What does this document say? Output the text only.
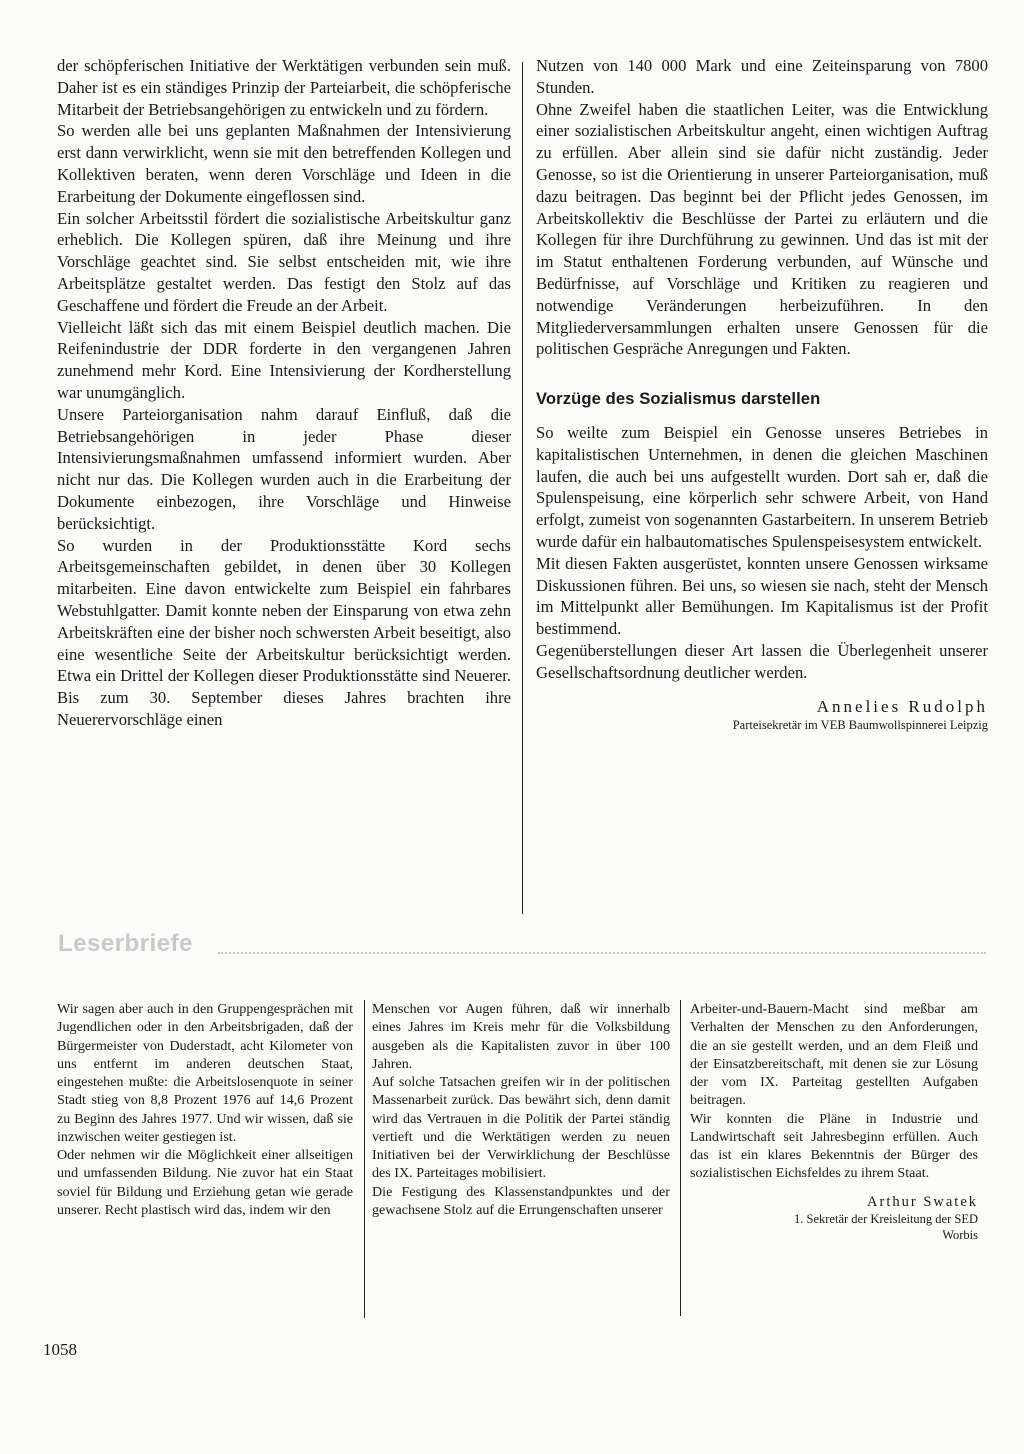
der schöpferischen Initiative der Werktätigen verbunden sein muß. Daher ist es ein ständiges Prinzip der Parteiarbeit, die schöpferische Mitarbeit der Betriebsangehörigen zu entwickeln und zu fördern.

So werden alle bei uns geplanten Maßnahmen der Intensivierung erst dann verwirklicht, wenn sie mit den betreffenden Kollegen und Kollektiven beraten, wenn deren Vorschläge und Ideen in die Erarbeitung der Dokumente eingeflossen sind.

Ein solcher Arbeitsstil fördert die sozialistische Arbeitskultur ganz erheblich. Die Kollegen spüren, daß ihre Meinung und ihre Vorschläge geachtet sind. Sie selbst entscheiden mit, wie ihre Arbeitsplätze gestaltet werden. Das festigt den Stolz auf das Geschaffene und fördert die Freude an der Arbeit.

Vielleicht läßt sich das mit einem Beispiel deutlich machen. Die Reifenindustrie der DDR forderte in den vergangenen Jahren zunehmend mehr Kord. Eine Intensivierung der Kordherstellung war unumgänglich.

Unsere Parteiorganisation nahm darauf Einfluß, daß die Betriebsangehörigen in jeder Phase dieser Intensivierungsmaßnahmen umfassend informiert wurden. Aber nicht nur das. Die Kollegen wurden auch in die Erarbeitung der Dokumente einbezogen, ihre Vorschläge und Hinweise berücksichtigt.

So wurden in der Produktionsstätte Kord sechs Arbeitsgemeinschaften gebildet, in denen über 30 Kollegen mitarbeiten. Eine davon entwickelte zum Beispiel ein fahrbares Webstuhlgatter. Damit konnte neben der Einsparung von etwa zehn Arbeitskräften eine der bisher noch schwersten Arbeit beseitigt, also eine wesentliche Seite der Arbeitskultur berücksichtigt werden. Etwa ein Drittel der Kollegen dieser Produktionsstätte sind Neuerer. Bis zum 30. September dieses Jahres brachten ihre Neuerervorschläge einen

Nutzen von 140 000 Mark und eine Zeiteinsparung von 7800 Stunden.

Ohne Zweifel haben die staatlichen Leiter, was die Entwicklung einer sozialistischen Arbeitskultur angeht, einen wichtigen Auftrag zu erfüllen. Aber allein sind sie dafür nicht zuständig. Jeder Genosse, so ist die Orientierung in unserer Parteiorganisation, muß dazu beitragen. Das beginnt bei der Pflicht jedes Genossen, im Arbeitskollektiv die Beschlüsse der Partei zu erläutern und die Kollegen für ihre Durchführung zu gewinnen. Und das ist mit der im Statut enthaltenen Forderung verbunden, auf Wünsche und Bedürfnisse, auf Vorschläge und Kritiken zu reagieren und notwendige Veränderungen herbeizuführen. In den Mitgliederversammlungen erhalten unsere Genossen für die politischen Gespräche Anregungen und Fakten.

Vorzüge des Sozialismus darstellen

So weilte zum Beispiel ein Genosse unseres Betriebes in kapitalistischen Unternehmen, in denen die gleichen Maschinen laufen, die auch bei uns aufgestellt wurden. Dort sah er, daß die Spulenspeisung, eine körperlich sehr schwere Arbeit, von Hand erfolgt, zumeist von sogenannten Gastarbeitern. In unserem Betrieb wurde dafür ein halbautomatisches Spulenspeisesystem entwickelt.

Mit diesen Fakten ausgerüstet, konnten unsere Genossen wirksame Diskussionen führen. Bei uns, so wiesen sie nach, steht der Mensch im Mittelpunkt aller Bemühungen. Im Kapitalismus ist der Profit bestimmend.

Gegenüberstellungen dieser Art lassen die Überlegenheit unserer Gesellschaftsordnung deutlicher werden.

Annelies Rudolph

Parteisekretär im VEB Baumwollspinnerei Leipzig

Leserbriefe

Wir sagen aber auch in den Gruppengesprächen mit Jugendlichen oder in den Arbeitsbrigaden, daß der Bürgermeister von Duderstadt, acht Kilometer von uns entfernt im anderen deutschen Staat, eingestehen mußte: die Arbeitslosenquote in seiner Stadt stieg von 8,8 Prozent 1976 auf 14,6 Prozent zu Beginn des Jahres 1977. Und wir wissen, daß sie inzwischen weiter gestiegen ist.

Oder nehmen wir die Möglichkeit einer allseitigen und umfassenden Bildung. Nie zuvor hat ein Staat soviel für Bildung und Erziehung getan wie gerade unserer. Recht plastisch wird das, indem wir den

Menschen vor Augen führen, daß wir innerhalb eines Jahres im Kreis mehr für die Volksbildung ausgeben als die Kapitalisten zuvor in über 100 Jahren.

Auf solche Tatsachen greifen wir in der politischen Massenarbeit zurück. Das bewährt sich, denn damit wird das Vertrauen in die Politik der Partei ständig vertieft und die Werktätigen werden zu neuen Initiativen bei der Verwirklichung der Beschlüsse des IX. Parteitages mobilisiert.

Die Festigung des Klassenstandpunktes und der gewachsene Stolz auf die Errungenschaften unserer

Arbeiter-und-Bauern-Macht sind meßbar am Verhalten der Menschen zu den Anforderungen, die an sie gestellt werden, und an dem Fleiß und der Einsatzbereitschaft, mit denen sie zur Lösung der vom IX. Parteitag gestellten Aufgaben beitragen.

Wir konnten die Pläne in Industrie und Landwirtschaft seit Jahresbeginn erfüllen. Auch das ist ein klares Bekenntnis der Bürger des sozialistischen Eichsfeldes zu ihrem Staat.

Arthur Swatek

1. Sekretär der Kreisleitung der SED

Worbis

1058
